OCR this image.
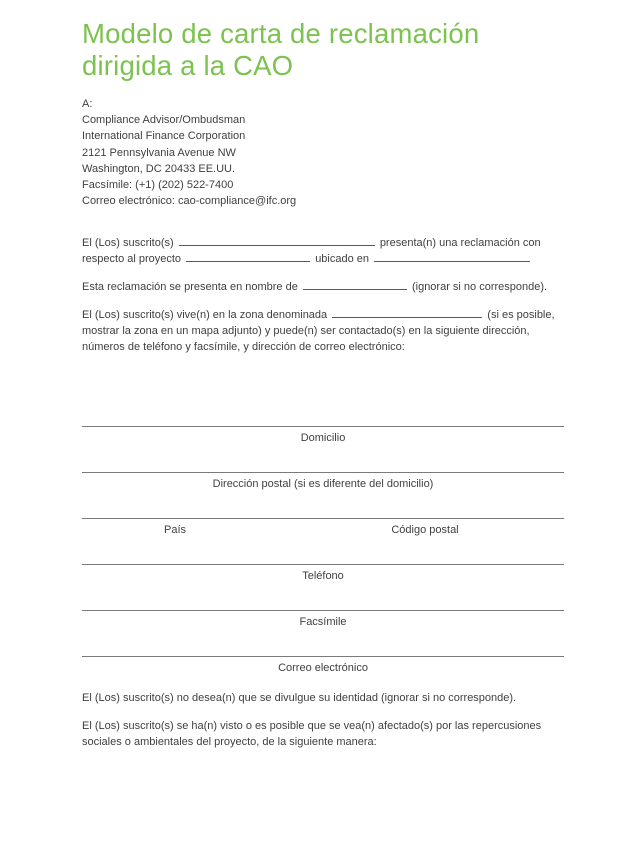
Modelo de carta de reclamación
dirigida a la CAO
A:
Compliance Advisor/Ombudsman
International Finance Corporation
2121 Pennsylvania Avenue NW
Washington, DC 20433 EE.UU.
Facsímile: (+1) (202) 522-7400
Correo electrónico: cao-compliance@ifc.org
El (Los) suscrito(s)	presenta(n) una reclamación con
respecto al proyecto	ubicado en
Esta reclamación se presenta en nombre de	(ignorar si no corresponde).
El (Los) suscrito(s) vive(n) en la zona denominada	(si es posible,
mostrar la zona en un mapa adjunto) y puede(n) ser contactado(s) en la siguiente dirección,
números de teléfono y facsímile, y dirección de correo electrónico:
Domicilio
Dirección postal (si es diferente del domicilio)
País	Código postal
Teléfono
Facsímile
Correo electrónico
El (Los) suscrito(s) no desea(n) que se divulgue su identidad (ignorar si no corresponde).
El (Los) suscrito(s) se ha(n) visto o es posible que se vea(n) afectado(s) por las repercusiones
sociales o ambientales del proyecto, de la siguiente manera:
